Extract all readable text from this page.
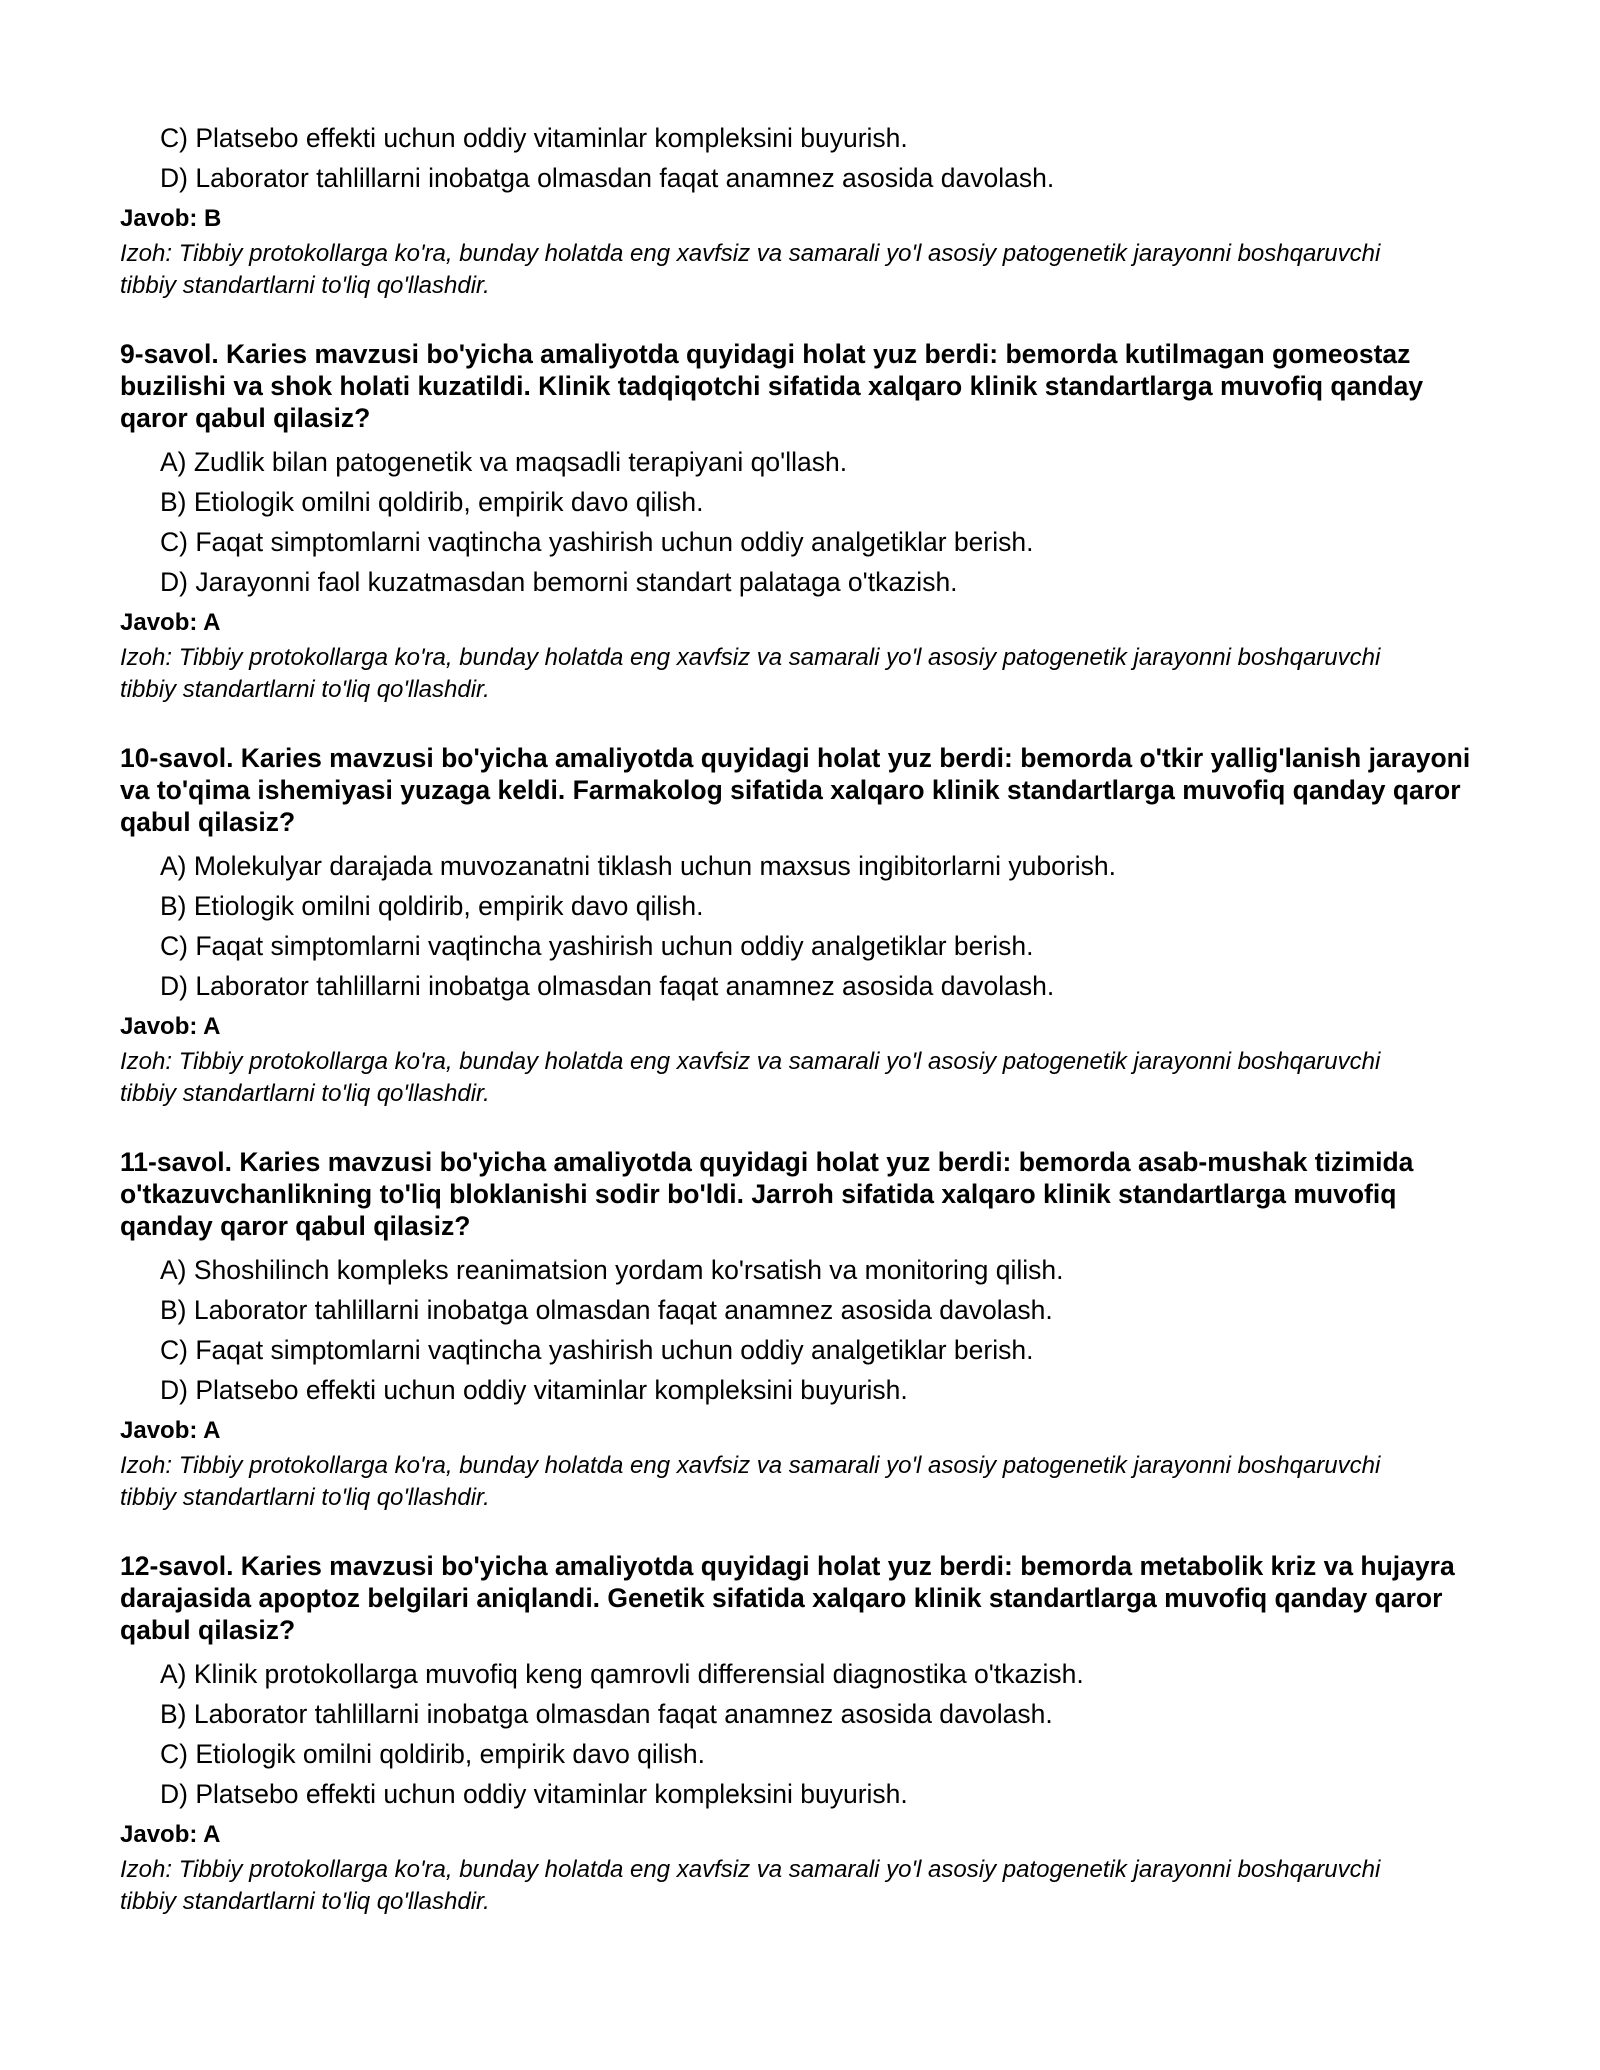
C) Platsebo effekti uchun oddiy vitaminlar kompleksini buyurish.
D) Laborator tahlillarni inobatga olmasdan faqat anamnez asosida davolash.
Javob: B
Izoh: Tibbiy protokollarga ko'ra, bunday holatda eng xavfsiz va samarali yo'l asosiy patogenetik jarayonni boshqaruvchi tibbiy standartlarni to'liq qo'llashdir.
9-savol. Karies mavzusi bo'yicha amaliyotda quyidagi holat yuz berdi: bemorda kutilmagan gomeostaz buzilishi va shok holati kuzatildi. Klinik tadqiqotchi sifatida xalqaro klinik standartlarga muvofiq qanday qaror qabul qilasiz?
A) Zudlik bilan patogenetik va maqsadli terapiyani qo'llash.
B) Etiologik omilni qoldirib, empirik davo qilish.
C) Faqat simptomlarni vaqtincha yashirish uchun oddiy analgetiklar berish.
D) Jarayonni faol kuzatmasdan bemorni standart palataga o'tkazish.
Javob: A
Izoh: Tibbiy protokollarga ko'ra, bunday holatda eng xavfsiz va samarali yo'l asosiy patogenetik jarayonni boshqaruvchi tibbiy standartlarni to'liq qo'llashdir.
10-savol. Karies mavzusi bo'yicha amaliyotda quyidagi holat yuz berdi: bemorda o'tkir yallig'lanish jarayoni va to'qima ishemiyasi yuzaga keldi. Farmakolog sifatida xalqaro klinik standartlarga muvofiq qanday qaror qabul qilasiz?
A) Molekulyar darajada muvozanatni tiklash uchun maxsus ingibitorlarni yuborish.
B) Etiologik omilni qoldirib, empirik davo qilish.
C) Faqat simptomlarni vaqtincha yashirish uchun oddiy analgetiklar berish.
D) Laborator tahlillarni inobatga olmasdan faqat anamnez asosida davolash.
Javob: A
Izoh: Tibbiy protokollarga ko'ra, bunday holatda eng xavfsiz va samarali yo'l asosiy patogenetik jarayonni boshqaruvchi tibbiy standartlarni to'liq qo'llashdir.
11-savol. Karies mavzusi bo'yicha amaliyotda quyidagi holat yuz berdi: bemorda asab-mushak tizimida o'tkazuvchanlikning to'liq bloklanishi sodir bo'ldi. Jarroh sifatida xalqaro klinik standartlarga muvofiq qanday qaror qabul qilasiz?
A) Shoshilinch kompleks reanimatsion yordam ko'rsatish va monitoring qilish.
B) Laborator tahlillarni inobatga olmasdan faqat anamnez asosida davolash.
C) Faqat simptomlarni vaqtincha yashirish uchun oddiy analgetiklar berish.
D) Platsebo effekti uchun oddiy vitaminlar kompleksini buyurish.
Javob: A
Izoh: Tibbiy protokollarga ko'ra, bunday holatda eng xavfsiz va samarali yo'l asosiy patogenetik jarayonni boshqaruvchi tibbiy standartlarni to'liq qo'llashdir.
12-savol. Karies mavzusi bo'yicha amaliyotda quyidagi holat yuz berdi: bemorda metabolik kriz va hujayra darajasida apoptoz belgilari aniqlandi. Genetik sifatida xalqaro klinik standartlarga muvofiq qanday qaror qabul qilasiz?
A) Klinik protokollarga muvofiq keng qamrovli differensial diagnostika o'tkazish.
B) Laborator tahlillarni inobatga olmasdan faqat anamnez asosida davolash.
C) Etiologik omilni qoldirib, empirik davo qilish.
D) Platsebo effekti uchun oddiy vitaminlar kompleksini buyurish.
Javob: A
Izoh: Tibbiy protokollarga ko'ra, bunday holatda eng xavfsiz va samarali yo'l asosiy patogenetik jarayonni boshqaruvchi tibbiy standartlarni to'liq qo'llashdir.
